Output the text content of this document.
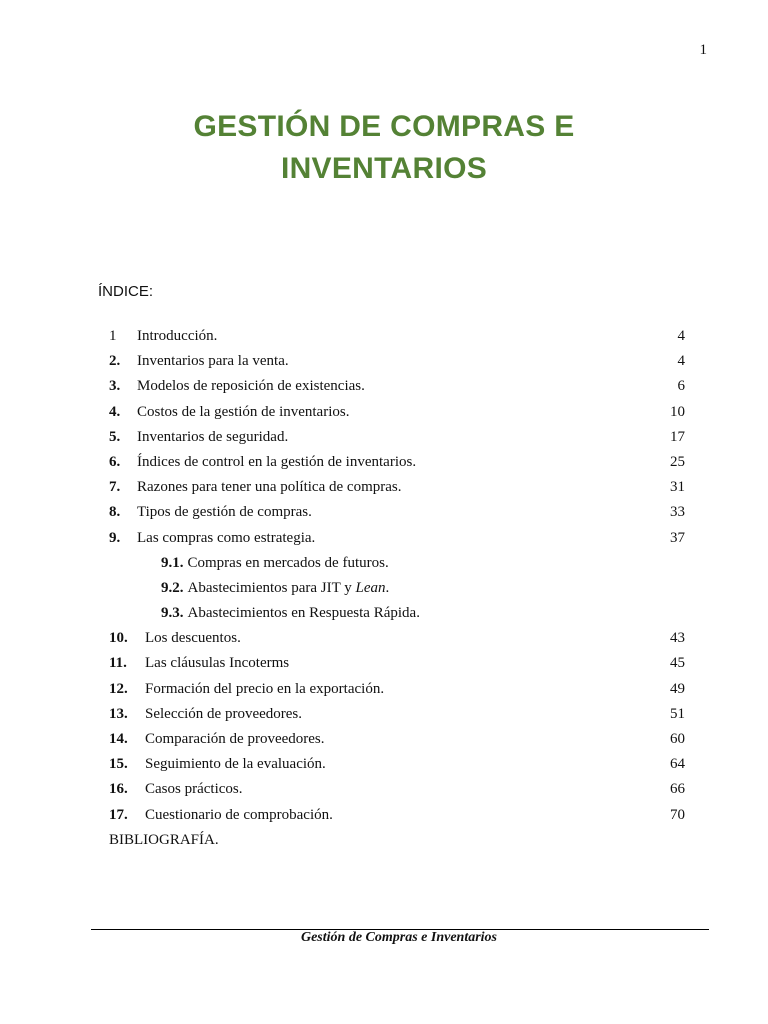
1
GESTIÓN DE COMPRAS E
INVENTARIOS
ÍNDICE:
1 Introducción.	4
2. Inventarios para la venta.	4
3. Modelos de reposición de existencias.	6
4. Costos de la gestión de inventarios.	10
5. Inventarios de seguridad.	17
6. Índices de control en la gestión de inventarios.	25
7. Razones para tener una política de compras.	31
8. Tipos de gestión de compras.	33
9. Las compras como estrategia.	37
9.1. Compras en mercados de futuros.
9.2. Abastecimientos para JIT y Lean.
9.3. Abastecimientos en Respuesta Rápida.
10. Los descuentos.	43
11. Las cláusulas Incoterms	45
12. Formación del precio en la exportación.	49
13. Selección de proveedores.	51
14. Comparación de proveedores.	60
15. Seguimiento de la evaluación.	64
16. Casos prácticos.	66
17. Cuestionario de comprobación.	70
BIBLIOGRAFÍA.
Gestión de Compras e Inventarios
